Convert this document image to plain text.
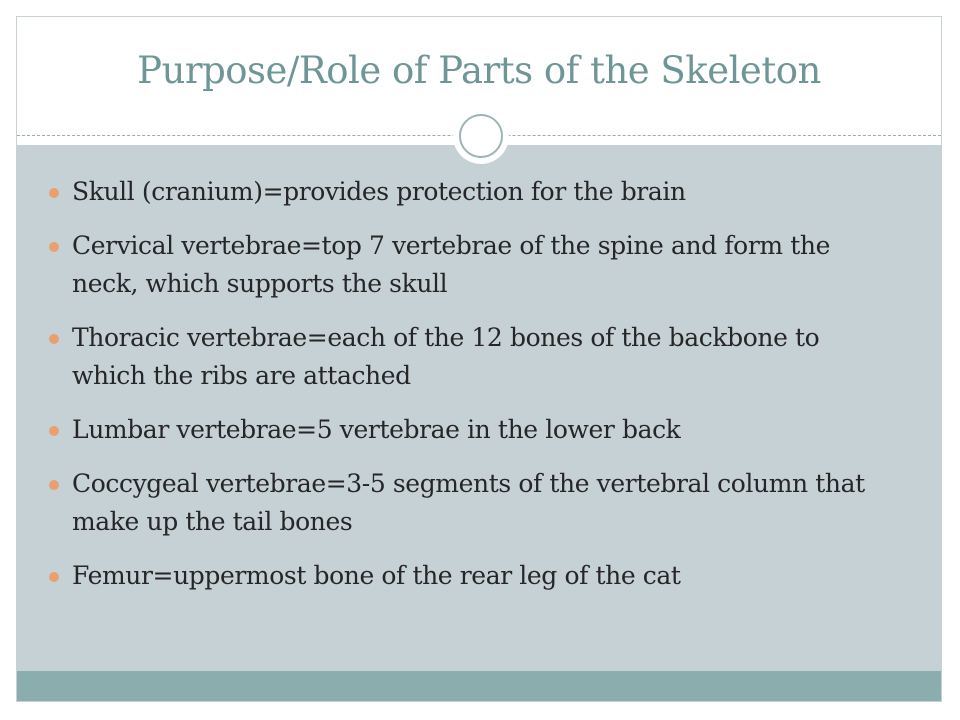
Purpose/Role of Parts of the Skeleton
Skull (cranium)=provides protection for the brain
Cervical vertebrae=top 7 vertebrae of the spine and form the neck, which supports the skull
Thoracic vertebrae=each of the 12 bones of the backbone to which the ribs are attached
Lumbar vertebrae=5 vertebrae in the lower back
Coccygeal vertebrae=3-5 segments of the vertebral column that make up the tail bones
Femur=uppermost bone of the rear leg of the cat
